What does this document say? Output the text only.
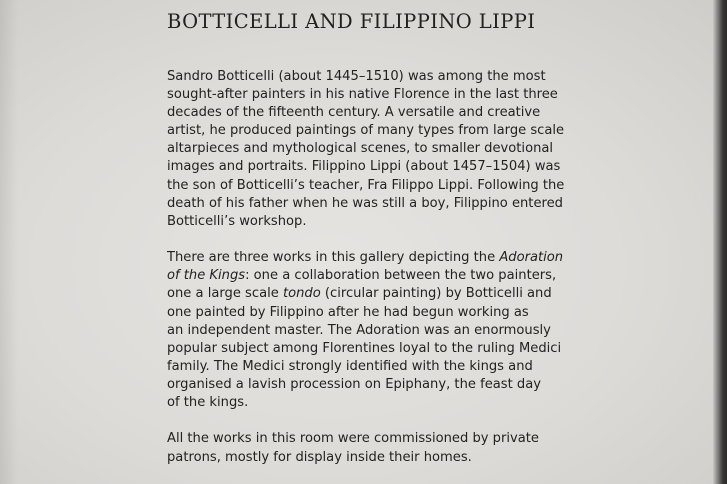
BOTTICELLI AND FILIPPINO LIPPI

Sandro Botticelli (about 1445–1510) was among the most

sought-after painters in his native Florence in the last three

decades of the fifteenth century. A versatile and creative

artist, he produced paintings of many types from large scale

altarpieces and mythological scenes, to smaller devotional

images and portraits. Filippino Lippi (about 1457–1504) was

the son of Botticelli’s teacher, Fra Filippo Lippi. Following the

death of his father when he was still a boy, Filippino entered

Botticelli’s workshop.

There are three works in this gallery depicting the Adoration

of the Kings: one a collaboration between the two painters,

one a large scale tondo (circular painting) by Botticelli and

one painted by Filippino after he had begun working as

an independent master. The Adoration was an enormously

popular subject among Florentines loyal to the ruling Medici

family. The Medici strongly identified with the kings and

organised a lavish procession on Epiphany, the feast day

of the kings.

All the works in this room were commissioned by private

patrons, mostly for display inside their homes.
